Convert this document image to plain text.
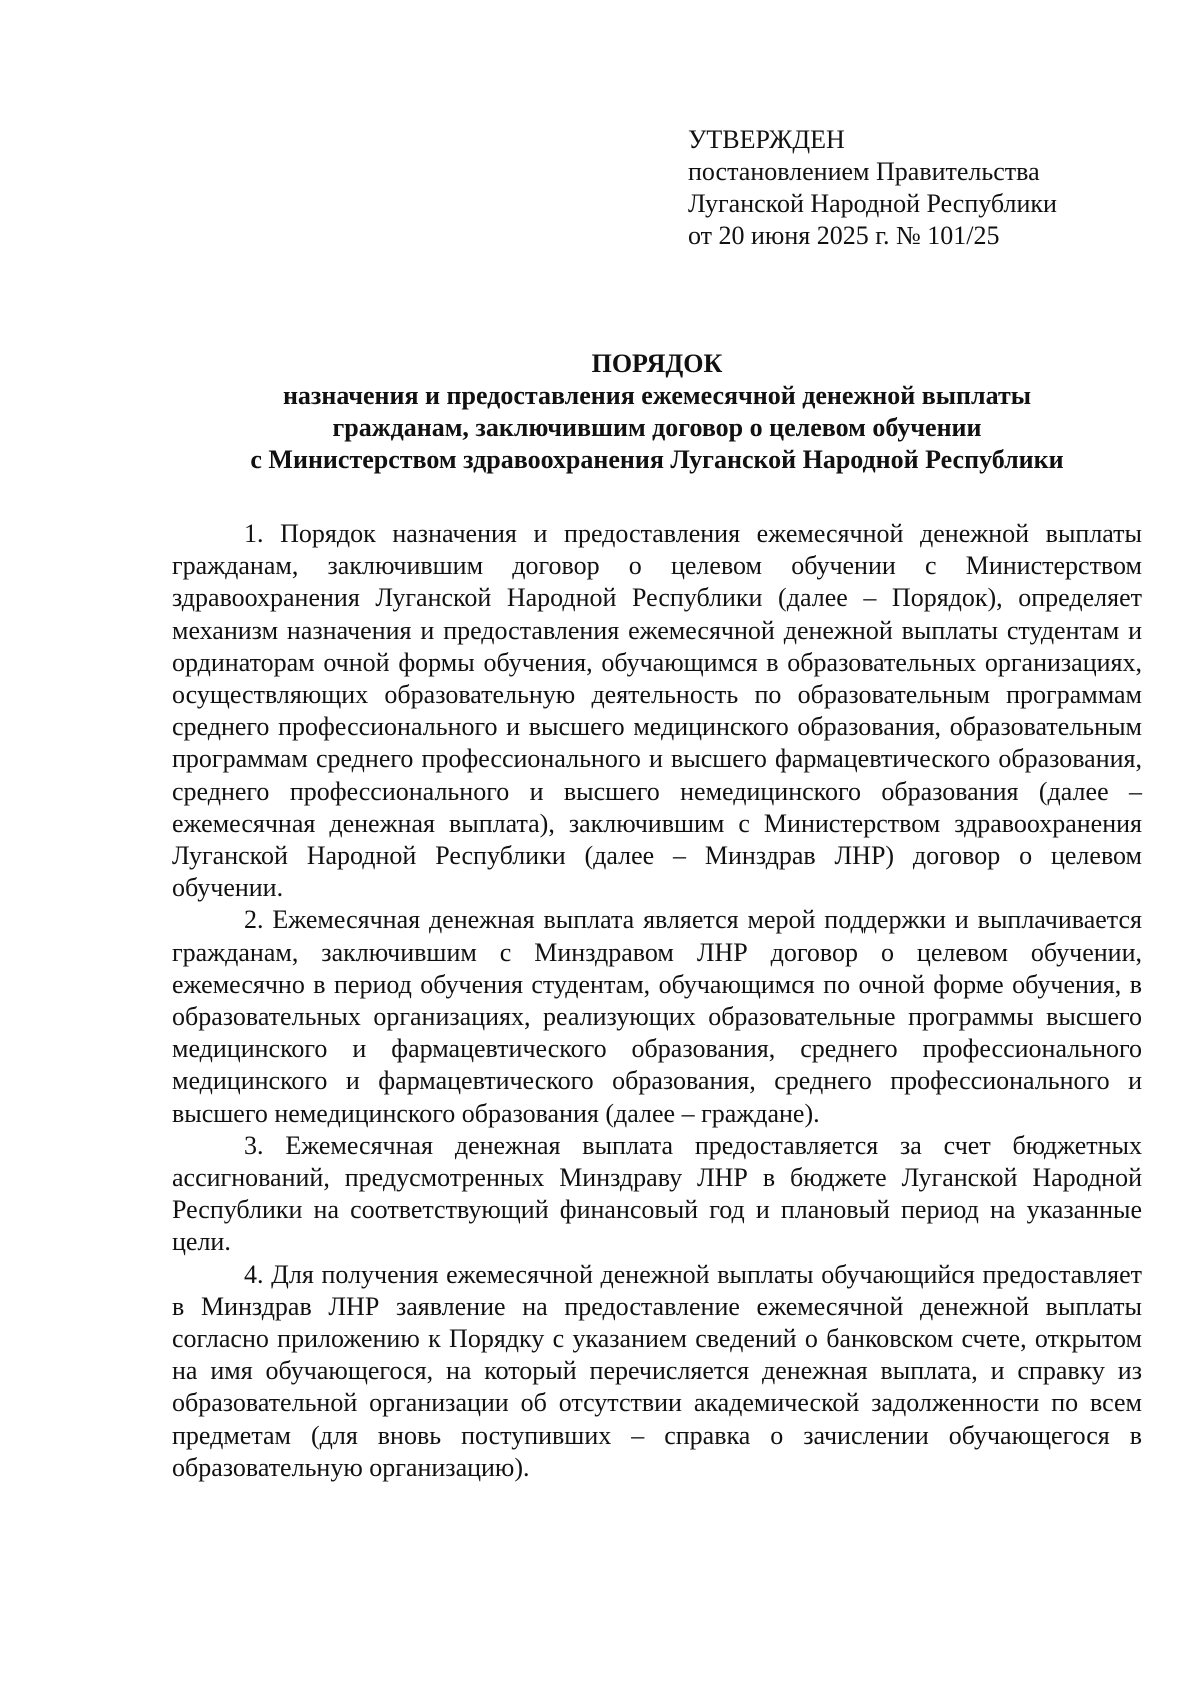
УТВЕРЖДЕН
постановлением Правительства
Луганской Народной Республики
от 20 июня 2025 г. № 101/25
ПОРЯДОК
назначения и предоставления ежемесячной денежной выплаты
гражданам, заключившим договор о целевом обучении
с Министерством здравоохранения Луганской Народной Республики

1. Порядок назначения и предоставления ежемесячной денежной выплаты гражданам, заключившим договор о целевом обучении с Министерством здравоохранения Луганской Народной Республики (далее – Порядок), определяет механизм назначения и предоставления ежемесячной денежной выплаты студентам и ординаторам очной формы обучения, обучающимся в образовательных организациях, осуществляющих образовательную деятельность по образовательным программам среднего профессионального и высшего медицинского образования, образовательным программам среднего профессионального и высшего фармацевтического образования, среднего профессионального и высшего немедицинского образования (далее – ежемесячная денежная выплата), заключившим с Министерством здравоохранения Луганской Народной Республики (далее – Минздрав ЛНР) договор о целевом обучении.

2. Ежемесячная денежная выплата является мерой поддержки и выплачивается гражданам, заключившим с Минздравом ЛНР договор о целевом обучении, ежемесячно в период обучения студентам, обучающимся по очной форме обучения, в образовательных организациях, реализующих образовательные программы высшего медицинского и фармацевтического образования, среднего профессионального медицинского и фармацевтического образования, среднего профессионального и высшего немедицинского образования (далее – граждане).

3. Ежемесячная денежная выплата предоставляется за счет бюджетных ассигнований, предусмотренных Минздраву ЛНР в бюджете Луганской Народной Республики на соответствующий финансовый год и плановый период на указанные цели.

4. Для получения ежемесячной денежной выплаты обучающийся предоставляет в Минздрав ЛНР заявление на предоставление ежемесячной денежной выплаты согласно приложению к Порядку с указанием сведений о банковском счете, открытом на имя обучающегося, на который перечисляется денежная выплата, и справку из образовательной организации об отсутствии академической задолженности по всем предметам (для вновь поступивших – справка о зачислении обучающегося в образовательную организацию).
